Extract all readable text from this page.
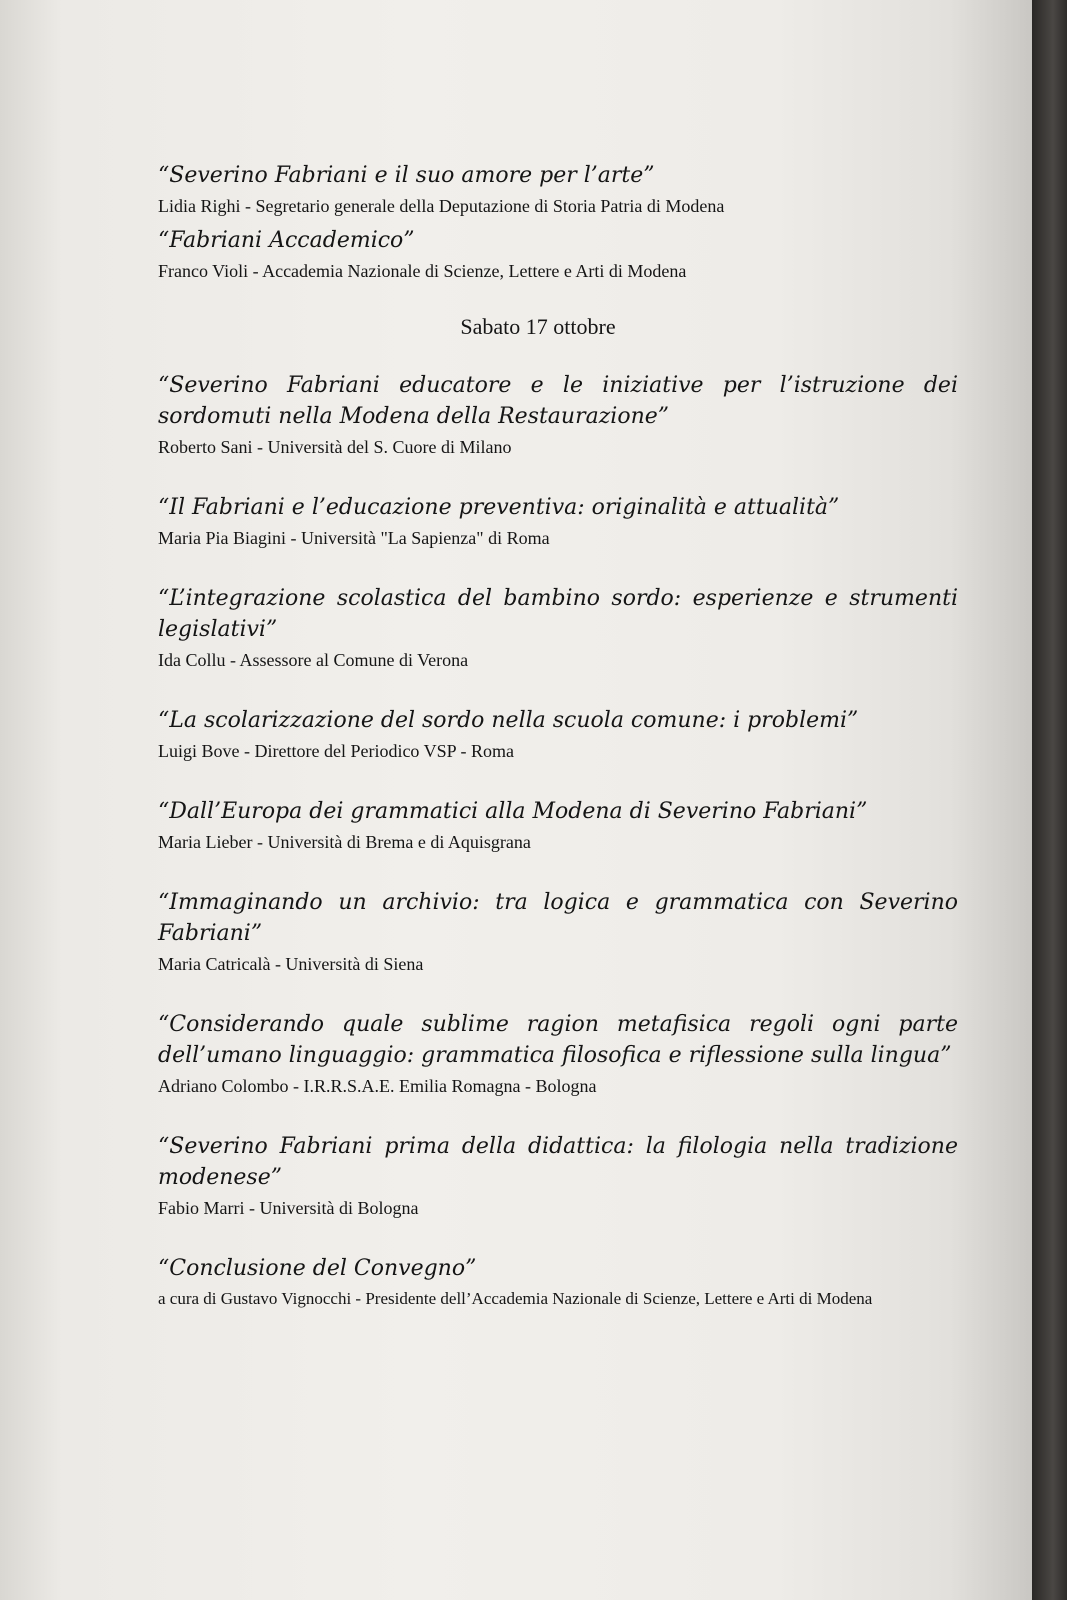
“Severino Fabriani e il suo amore per l’arte”

Lidia Righi - Segretario generale della Deputazione di Storia Patria di Modena

“Fabriani Accademico”

Franco Violi - Accademia Nazionale di Scienze, Lettere e Arti di Modena

Sabato 17 ottobre

“Severino Fabriani educatore e le iniziative per l’istruzione dei sordomuti nella Modena della Restaurazione”

Roberto Sani - Università del S. Cuore di Milano

“Il Fabriani e l’educazione preventiva: originalità e attualità”

Maria Pia Biagini - Università "La Sapienza" di Roma

“L’integrazione scolastica del bambino sordo: esperienze e strumenti legislativi”

Ida Collu - Assessore al Comune di Verona

“La scolarizzazione del sordo nella scuola comune: i problemi”

Luigi Bove - Direttore del Periodico VSP - Roma

“Dall’Europa dei grammatici alla Modena di Severino Fabriani”

Maria Lieber - Università di Brema e di Aquisgrana

“Immaginando un archivio: tra logica e grammatica con Severino Fabriani”

Maria Catricalà - Università di Siena

“Considerando quale sublime ragion metafisica regoli ogni parte dell’umano linguaggio: grammatica filosofica e riflessione sulla lingua”

Adriano Colombo - I.R.R.S.A.E. Emilia Romagna - Bologna

“Severino Fabriani prima della didattica: la filologia nella tradizione modenese”

Fabio Marri - Università di Bologna

“Conclusione del Convegno”

a cura di Gustavo Vignocchi - Presidente dell’Accademia Nazionale di Scienze, Lettere e Arti di Modena
